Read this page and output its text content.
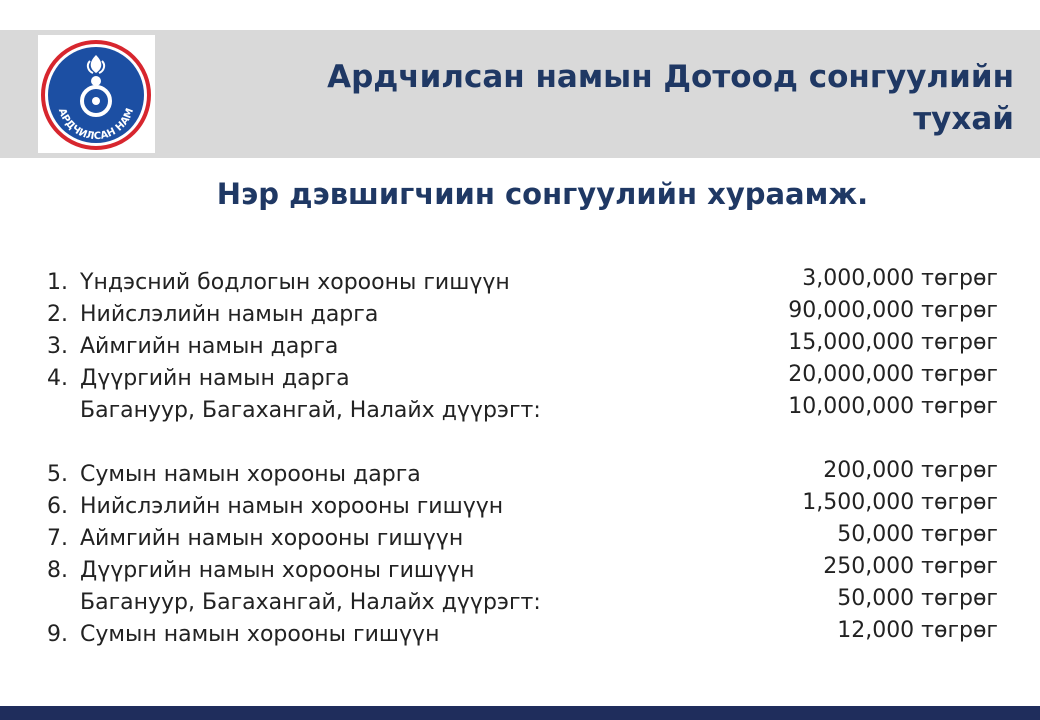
АРДЧИЛСАН НАМ
Ардчилсан намын Дотоод сонгуулийн тухай
Нэр дэвшигчиин сонгуулийн хураамж.
1. Үндэсний бодлогын хорооны гишүүн	3,000,000 төгрөг
2. Нийслэлийн намын дарга	90,000,000 төгрөг
3. Аймгийн намын дарга	15,000,000 төгрөг
4. Дүүргийн намын дарга	20,000,000 төгрөг
Багануур, Багахангай, Налайх дүүрэгт:	10,000,000 төгрөг
5. Сумын намын хорооны дарга	200,000 төгрөг
6. Нийслэлийн намын хорооны гишүүн	1,500,000 төгрөг
7. Аймгийн намын хорооны гишүүн	50,000 төгрөг
8. Дүүргийн намын хорооны гишүүн	250,000 төгрөг
Багануур, Багахангай, Налайх дүүрэгт:	50,000 төгрөг
9. Сумын намын хорооны гишүүн	12,000 төгрөг
